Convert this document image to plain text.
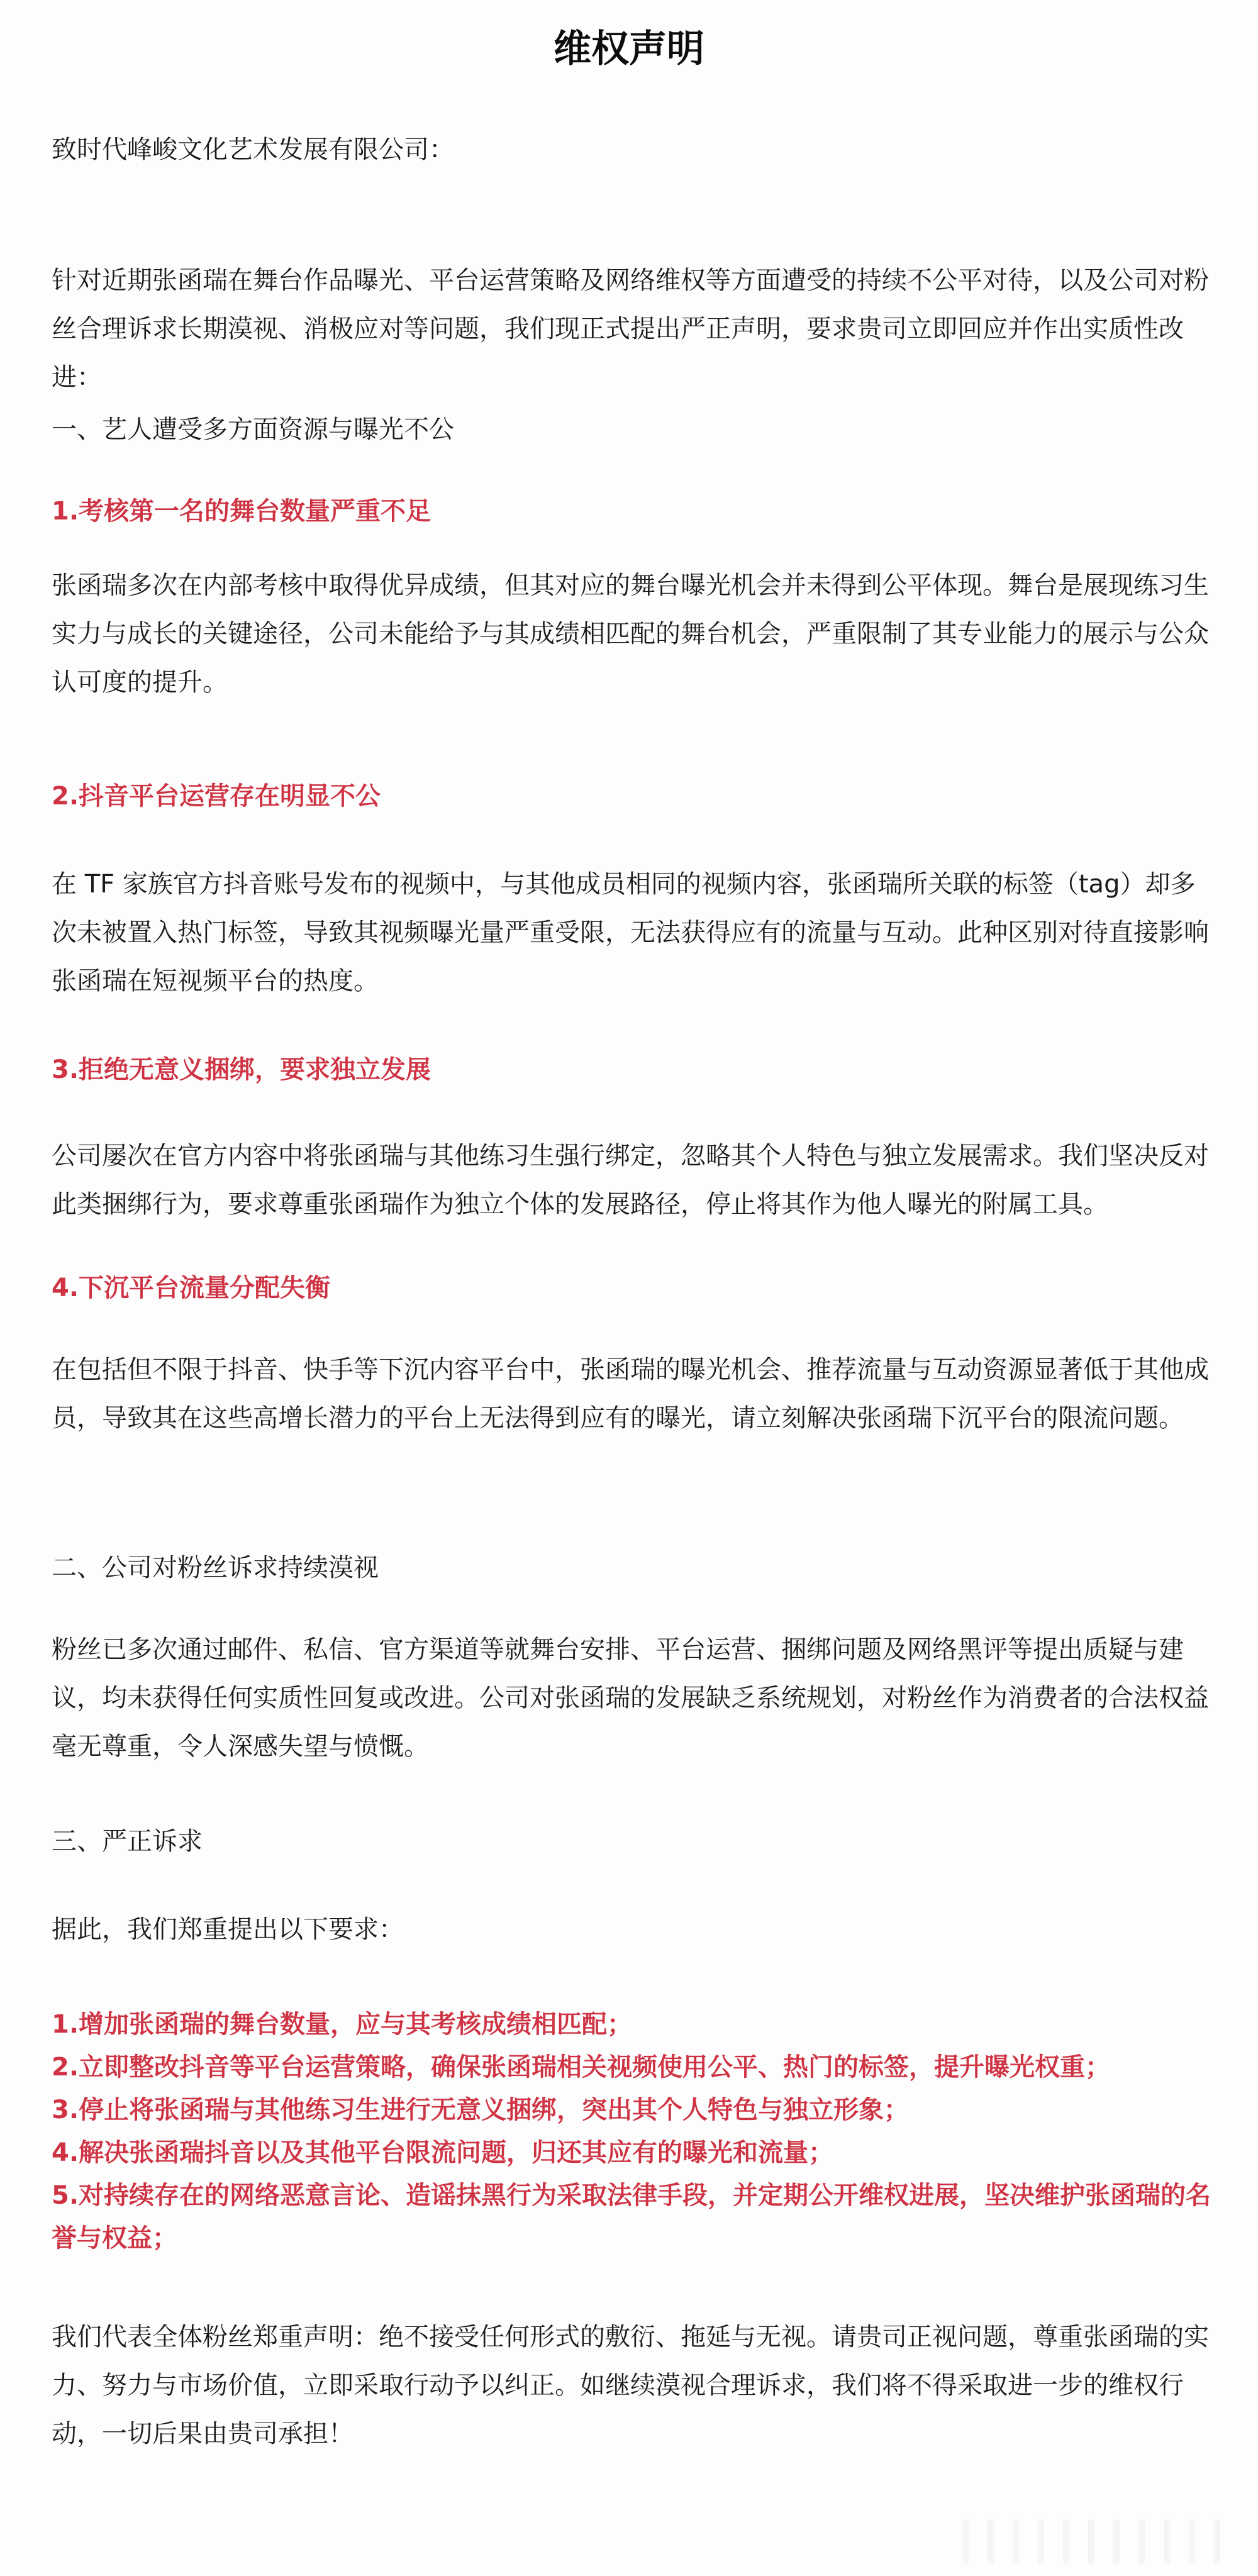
维权声明

致时代峰峻文化艺术发展有限公司：

针对近期张函瑞在舞台作品曝光、平台运营策略及网络维权等方面遭受的持续不公平对待，以及公司对粉丝合理诉求长期漠视、消极应对等问题，我们现正式提出严正声明，要求贵司立即回应并作出实质性改进：

一、艺人遭受多方面资源与曝光不公

1.考核第一名的舞台数量严重不足

张函瑞多次在内部考核中取得优异成绩，但其对应的舞台曝光机会并未得到公平体现。舞台是展现练习生实力与成长的关键途径，公司未能给予与其成绩相匹配的舞台机会，严重限制了其专业能力的展示与公众认可度的提升。

2.抖音平台运营存在明显不公

在 TF 家族官方抖音账号发布的视频中，与其他成员相同的视频内容，张函瑞所关联的标签（tag）却多次未被置入热门标签，导致其视频曝光量严重受限，无法获得应有的流量与互动。此种区别对待直接影响张函瑞在短视频平台的热度。

3.拒绝无意义捆绑，要求独立发展

公司屡次在官方内容中将张函瑞与其他练习生强行绑定，忽略其个人特色与独立发展需求。我们坚决反对此类捆绑行为，要求尊重张函瑞作为独立个体的发展路径，停止将其作为他人曝光的附属工具。

4.下沉平台流量分配失衡

在包括但不限于抖音、快手等下沉内容平台中，张函瑞的曝光机会、推荐流量与互动资源显著低于其他成员，导致其在这些高增长潜力的平台上无法得到应有的曝光，请立刻解决张函瑞下沉平台的限流问题。

二、公司对粉丝诉求持续漠视

粉丝已多次通过邮件、私信、官方渠道等就舞台安排、平台运营、捆绑问题及网络黑评等提出质疑与建议，均未获得任何实质性回复或改进。公司对张函瑞的发展缺乏系统规划，对粉丝作为消费者的合法权益毫无尊重，令人深感失望与愤慨。

三、严正诉求

据此，我们郑重提出以下要求：

1.增加张函瑞的舞台数量，应与其考核成绩相匹配；
2.立即整改抖音等平台运营策略，确保张函瑞相关视频使用公平、热门的标签，提升曝光权重；
3.停止将张函瑞与其他练习生进行无意义捆绑，突出其个人特色与独立形象；
4.解决张函瑞抖音以及其他平台限流问题，归还其应有的曝光和流量；
5.对持续存在的网络恶意言论、造谣抹黑行为采取法律手段，并定期公开维权进展，坚决维护张函瑞的名誉与权益；

我们代表全体粉丝郑重声明：绝不接受任何形式的敷衍、拖延与无视。请贵司正视问题，尊重张函瑞的实力、努力与市场价值，立即采取行动予以纠正。如继续漠视合理诉求，我们将不得采取进一步的维权行动，一切后果由贵司承担！
